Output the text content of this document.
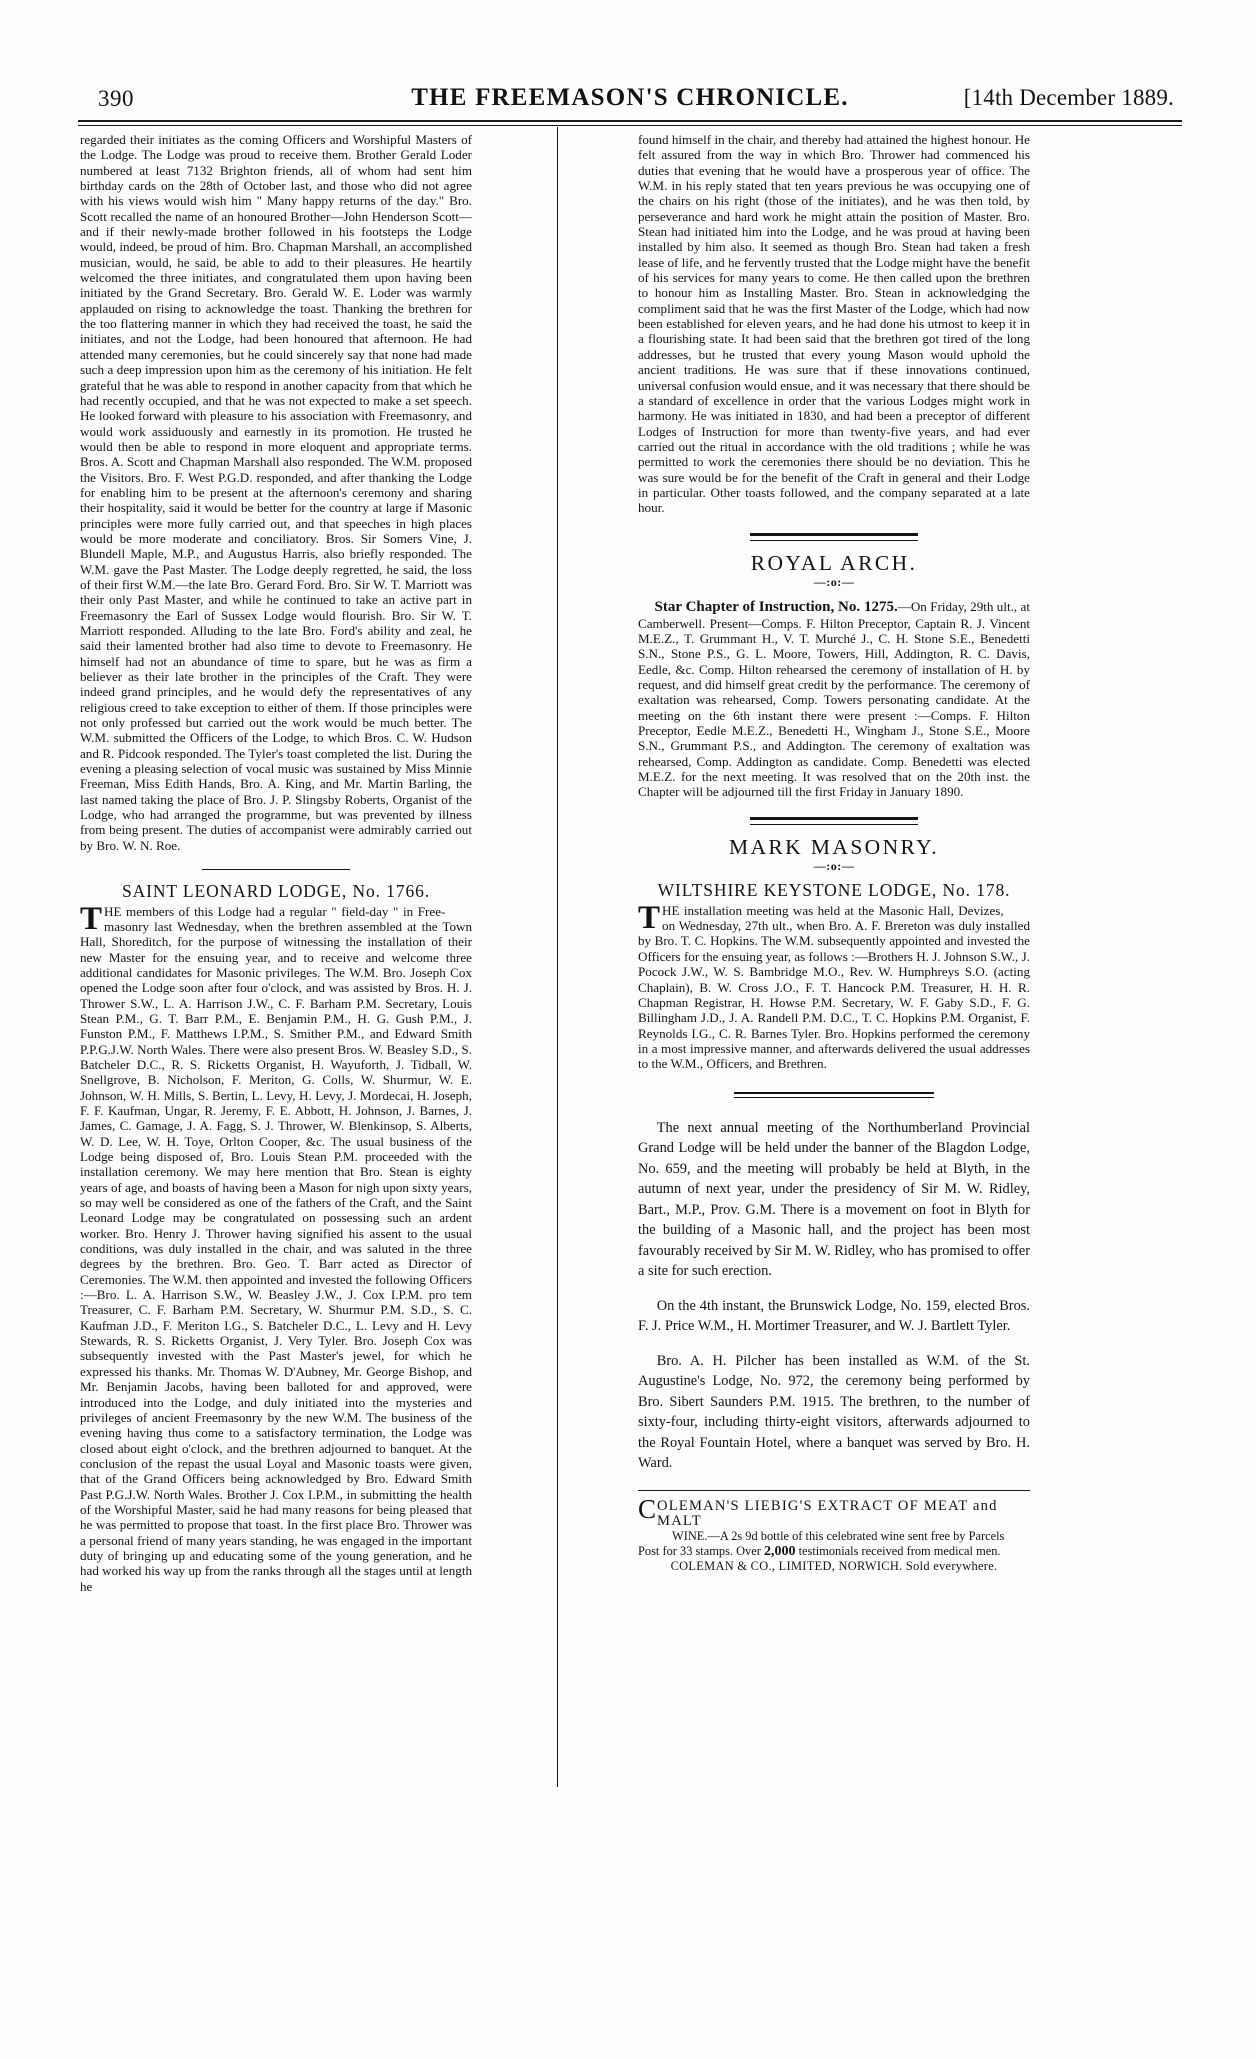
390	THE FREEMASON'S CHRONICLE.	[14th December 1889.

regarded their initiates as the coming Officers and Worshipful Masters of the Lodge. The Lodge was proud to receive them. Brother Gerald Loder numbered at least 7132 Brighton friends, all of whom had sent him birthday cards on the 28th of October last, and those who did not agree with his views would wish him " Many happy returns of the day." Bro. Scott recalled the name of an honoured Brother—John Henderson Scott—and if their newly-made brother followed in his footsteps the Lodge would, indeed, be proud of him. Bro. Chapman Marshall, an accomplished musician, would, he said, be able to add to their pleasures. He heartily welcomed the three initiates, and congratulated them upon having been initiated by the Grand Secretary. Bro. Gerald W. E. Loder was warmly applauded on rising to acknowledge the toast. Thanking the brethren for the too flattering manner in which they had received the toast, he said the initiates, and not the Lodge, had been honoured that afternoon. He had attended many ceremonies, but he could sincerely say that none had made such a deep impression upon him as the ceremony of his initiation. He felt grateful that he was able to respond in another capacity from that which he had recently occupied, and that he was not expected to make a set speech. He looked forward with pleasure to his association with Freemasonry, and would work assiduously and earnestly in its promotion. He trusted he would then be able to respond in more eloquent and appropriate terms. Bros. A. Scott and Chapman Marshall also responded. The W.M. proposed the Visitors. Bro. F. West P.G.D. responded, and after thanking the Lodge for enabling him to be present at the afternoon's ceremony and sharing their hospitality, said it would be better for the country at large if Masonic principles were more fully carried out, and that speeches in high places would be more moderate and conciliatory. Bros. Sir Somers Vine, J. Blundell Maple, M.P., and Augustus Harris, also briefly responded. The W.M. gave the Past Master. The Lodge deeply regretted, he said, the loss of their first W.M.—the late Bro. Gerard Ford. Bro. Sir W. T. Marriott was their only Past Master, and while he continued to take an active part in Freemasonry the Earl of Sussex Lodge would flourish. Bro. Sir W. T. Marriott responded. Alluding to the late Bro. Ford's ability and zeal, he said their lamented brother had also time to devote to Freemasonry. He himself had not an abundance of time to spare, but he was as firm a believer as their late brother in the principles of the Craft. They were indeed grand principles, and he would defy the representatives of any religious creed to take exception to either of them. If those principles were not only professed but carried out the work would be much better. The W.M. submitted the Officers of the Lodge, to which Bros. C. W. Hudson and R. Pidcook responded. The Tyler's toast completed the list. During the evening a pleasing selection of vocal music was sustained by Miss Minnie Freeman, Miss Edith Hands, Bro. A. King, and Mr. Martin Barling, the last named taking the place of Bro. J. P. Slingsby Roberts, Organist of the Lodge, who had arranged the programme, but was prevented by illness from being present. The duties of accompanist were admirably carried out by Bro. W. N. Roe.

SAINT LEONARD LODGE, No. 1766.

THE members of this Lodge had a regular " field-day " in Free- masonry last Wednesday, when the brethren assembled at the Town Hall, Shoreditch, for the purpose of witnessing the installation of their new Master for the ensuing year, and to receive and welcome three additional candidates for Masonic privileges. The W.M. Bro. Joseph Cox opened the Lodge soon after four o'clock, and was assisted by Bros. H. J. Thrower S.W., L. A. Harrison J.W., C. F. Barham P.M. Secretary, Louis Stean P.M., G. T. Barr P.M., E. Benjamin P.M., H. G. Gush P.M., J. Funston P.M., F. Matthews I.P.M., S. Smither P.M., and Edward Smith P.P.G.J.W. North Wales. There were also present Bros. W. Beasley S.D., S. Batcheler D.C., R. S. Ricketts Organist, H. Wayuforth, J. Tidball, W. Snellgrove, B. Nicholson, F. Meriton, G. Colls, W. Shurmur, W. E. Johnson, W. H. Mills, S. Bertin, L. Levy, H. Levy, J. Mordecai, H. Joseph, F. F. Kaufman, Ungar, R. Jeremy, F. E. Abbott, H. Johnson, J. Barnes, J. James, C. Gamage, J. A. Fagg, S. J. Thrower, W. Blenkinsop, S. Alberts, W. D. Lee, W. H. Toye, Orlton Cooper, &c. The usual business of the Lodge being disposed of, Bro. Louis Stean P.M. proceeded with the installation ceremony. We may here mention that Bro. Stean is eighty years of age, and boasts of having been a Mason for nigh upon sixty years, so may well be considered as one of the fathers of the Craft, and the Saint Leonard Lodge may be congratulated on possessing such an ardent worker. Bro. Henry J. Thrower having signified his assent to the usual conditions, was duly installed in the chair, and was saluted in the three degrees by the brethren. Bro. Geo. T. Barr acted as Director of Ceremonies. The W.M. then appointed and invested the following Officers :—Bro. L. A. Harrison S.W., W. Beasley J.W., J. Cox I.P.M. pro tem Treasurer, C. F. Barham P.M. Secretary, W. Shurmur P.M. S.D., S. C. Kaufman J.D., F. Meriton I.G., S. Batcheler D.C., L. Levy and H. Levy Stewards, R. S. Ricketts Organist, J. Very Tyler. Bro. Joseph Cox was subsequently invested with the Past Master's jewel, for which he expressed his thanks. Mr. Thomas W. D'Aubney, Mr. George Bishop, and Mr. Benjamin Jacobs, having been balloted for and approved, were introduced into the Lodge, and duly initiated into the mysteries and privileges of ancient Freemasonry by the new W.M. The business of the evening having thus come to a satisfactory termination, the Lodge was closed about eight o'clock, and the brethren adjourned to banquet. At the conclusion of the repast the usual Loyal and Masonic toasts were given, that of the Grand Officers being acknowledged by Bro. Edward Smith Past P.G.J.W. North Wales. Brother J. Cox I.P.M., in submitting the health of the Worshipful Master, said he had many reasons for being pleased that he was permitted to propose that toast. In the first place Bro. Thrower was a personal friend of many years standing, he was engaged in the important duty of bringing up and educating some of the young generation, and he had worked his way up from the ranks through all the stages until at length he

found himself in the chair, and thereby had attained the highest honour. He felt assured from the way in which Bro. Thrower had commenced his duties that evening that he would have a prosperous year of office. The W.M. in his reply stated that ten years previous he was occupying one of the chairs on his right (those of the initiates), and he was then told, by perseverance and hard work he might attain the position of Master. Bro. Stean had initiated him into the Lodge, and he was proud at having been installed by him also. It seemed as though Bro. Stean had taken a fresh lease of life, and he fervently trusted that the Lodge might have the benefit of his services for many years to come. He then called upon the brethren to honour him as Installing Master. Bro. Stean in acknowledging the compliment said that he was the first Master of the Lodge, which had now been established for eleven years, and he had done his utmost to keep it in a flourishing state. It had been said that the brethren got tired of the long addresses, but he trusted that every young Mason would uphold the ancient traditions. He was sure that if these innovations continued, universal confusion would ensue, and it was necessary that there should be a standard of excellence in order that the various Lodges might work in harmony. He was initiated in 1830, and had been a preceptor of different Lodges of Instruction for more than twenty-five years, and had ever carried out the ritual in accordance with the old traditions ; while he was permitted to work the ceremonies there should be no deviation. This he was sure would be for the benefit of the Craft in general and their Lodge in particular. Other toasts followed, and the company separated at a late hour.

ROYAL ARCH.
—:o:—

Star Chapter of Instruction, No. 1275.—On Friday, 29th ult., at Camberwell. Present—Comps. F. Hilton Preceptor, Captain R. J. Vincent M.E.Z., T. Grummant H., V. T. Murché J., C. H. Stone S.E., Benedetti S.N., Stone P.S., G. L. Moore, Towers, Hill, Addington, R. C. Davis, Eedle, &c. Comp. Hilton rehearsed the ceremony of installation of H. by request, and did himself great credit by the performance. The ceremony of exaltation was rehearsed, Comp. Towers personating candidate. At the meeting on the 6th instant there were present :—Comps. F. Hilton Preceptor, Eedle M.E.Z., Benedetti H., Wingham J., Stone S.E., Moore S.N., Grummant P.S., and Addington. The ceremony of exaltation was rehearsed, Comp. Addington as candidate. Comp. Benedetti was elected M.E.Z. for the next meeting. It was resolved that on the 20th inst. the Chapter will be adjourned till the first Friday in January 1890.

MARK MASONRY.
—:o:—
WILTSHIRE KEYSTONE LODGE, No. 178.

THE installation meeting was held at the Masonic Hall, Devizes, on Wednesday, 27th ult., when Bro. A. F. Brereton was duly installed by Bro. T. C. Hopkins. The W.M. subsequently appointed and invested the Officers for the ensuing year, as follows :—Brothers H. J. Johnson S.W., J. Pocock J.W., W. S. Bambridge M.O., Rev. W. Humphreys S.O. (acting Chaplain), B. W. Cross J.O., F. T. Hancock P.M. Treasurer, H. H. R. Chapman Registrar, H. Howse P.M. Secretary, W. F. Gaby S.D., F. G. Billingham J.D., J. A. Randell P.M. D.C., T. C. Hopkins P.M. Organist, F. Reynolds I.G., C. R. Barnes Tyler. Bro. Hopkins performed the ceremony in a most impressive manner, and afterwards delivered the usual addresses to the W.M., Officers, and Brethren.

The next annual meeting of the Northumberland Provincial Grand Lodge will be held under the banner of the Blagdon Lodge, No. 659, and the meeting will probably be held at Blyth, in the autumn of next year, under the presidency of Sir M. W. Ridley, Bart., M.P., Prov. G.M. There is a movement on foot in Blyth for the building of a Masonic hall, and the project has been most favourably received by Sir M. W. Ridley, who has promised to offer a site for such erection.

On the 4th instant, the Brunswick Lodge, No. 159, elected Bros. F. J. Price W.M., H. Mortimer Treasurer, and W. J. Bartlett Tyler.

Bro. A. H. Pilcher has been installed as W.M. of the St. Augustine's Lodge, No. 972, the ceremony being performed by Bro. Sibert Saunders P.M. 1915. The brethren, to the number of sixty-four, including thirty-eight visitors, afterwards adjourned to the Royal Fountain Hotel, where a banquet was served by Bro. H. Ward.

COLEMAN'S LIEBIG'S EXTRACT OF MEAT and MALT
WINE.—A 2s 9d bottle of this celebrated wine sent free by Parcels
Post for 33 stamps. Over 2,000 testimonials received from medical men.

COLEMAN & CO., LIMITED, NORWICH. Sold everywhere.
